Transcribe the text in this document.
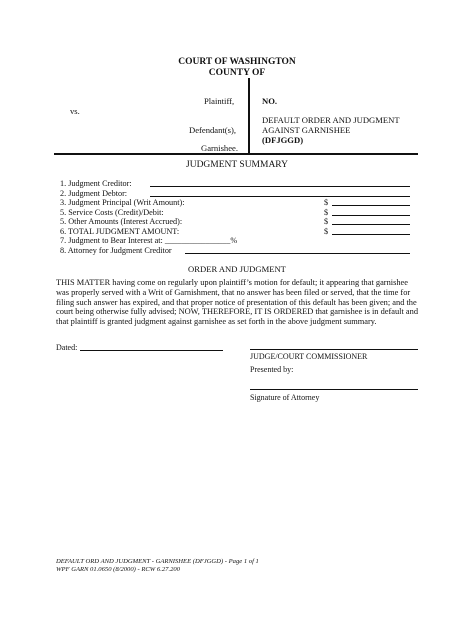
COURT OF WASHINGTON
COUNTY OF
Plaintiff,
vs.
Defendant(s),
Garnishee.
NO.
DEFAULT ORDER AND JUDGMENT
AGAINST GARNISHEE
(DFJGGD)
JUDGMENT SUMMARY
1. Judgment Creditor:
2. Judgment Debtor:
3. Judgment Principal (Writ Amount):	$
5. Service Costs (Credit)/Debit:	$
5. Other Amounts (Interest Accrued):	$
6. TOTAL JUDGMENT AMOUNT:	$
7. Judgment to Bear Interest at: ________________%
8. Attorney for Judgment Creditor
ORDER AND JUDGMENT
THIS MATTER having come on regularly upon plaintiff’s motion for default; it appearing that garnishee was properly served with a Writ of Garnishment, that no answer has been filed or served, that the time for filing such answer has expired, and that proper notice of presentation of this default has been given; and the court being otherwise fully advised; NOW, THEREFORE, IT IS ORDERED that garnishee is in default and that plaintiff is granted judgment against garnishee as set forth in the above judgment summary.
Dated:
JUDGE/COURT COMMISSIONER
Presented by:
Signature of Attorney
DEFAULT ORD AND JUDGMENT - GARNISHEE (DFJGGD) - Page 1 of 1
WPF GARN 01.0650 (8/2000) - RCW 6.27.200
